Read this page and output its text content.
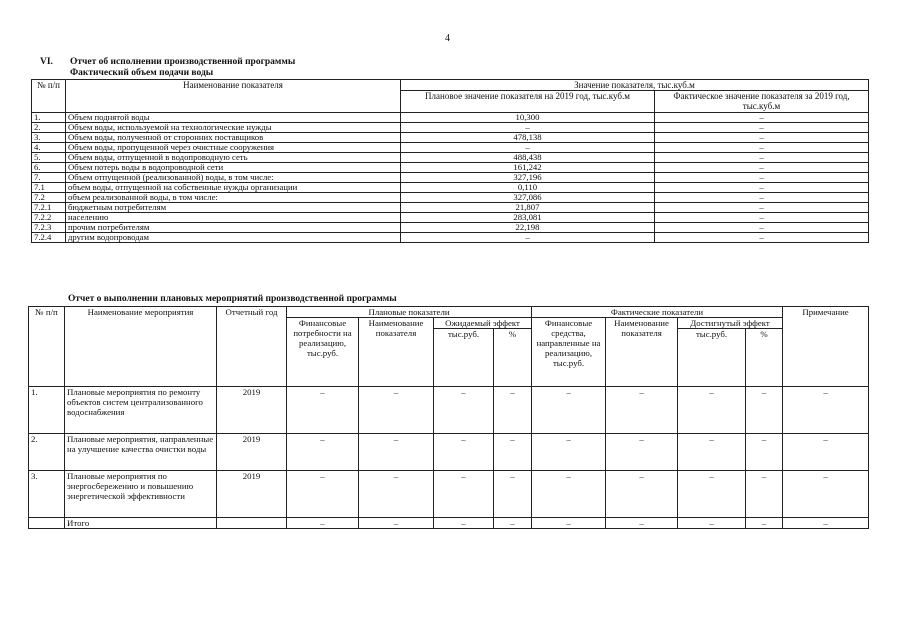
4
VI. Отчет об исполнении производственной программы
Фактический объем подачи воды
№ п/п	Наименование показателя	Значение показателя, тыс.куб.м	
		Плановое значение показателя на 2019 год, тыс.куб.м	Фактическое значение показателя за 2019 год, тыс.куб.м
1.	Объем поднятой воды	10,300	–
2.	Объем воды, используемой на технологические нужды	–	–
3.	Объем воды, полученной от сторонних поставщиков	478,138	–
4.	Объем воды, пропущенной через очистные сооружения	–	–
5.	Объем воды, отпущенной в водопроводную сеть	488,438	–
6.	Объем потерь воды в водопроводной сети	161,242	–
7.	Объем отпущенной (реализованной) воды, в том числе:	327,196	–
7.1	объем воды, отпущенной на собственные нужды организации	0,110	–
7.2	объем реализованной воды, в том числе:	327,086	–
7.2.1	бюджетным потребителям	21,807	–
7.2.2	населению	283,081	–
7.2.3	прочим потребителям	22,198	–
7.2.4	другим водопроводам	–	–
Отчет о выполнении плановых мероприятий производственной программы
№ п/п	Наименование мероприятия	Отчетный год	Плановые показатели				Фактические показатели				Примечание
			Финансовые потребности на реализацию, тыс.руб.	Наименование показателя	Ожидаемый эффект		Финансовые средства, направленные на реализацию, тыс.руб.	Наименование показателя	Достигнутый эффект		
					тыс.руб.	%			тыс.руб.	%	
1.	Плановые мероприятия по ремонту объектов систем централизованного водоснабжения	2019	–	–	–	–	–	–	–	–	–
2.	Плановые мероприятия, направленные на улучшение качества очистки воды	2019	–	–	–	–	–	–	–	–	–
3.	Плановые мероприятия по энергосбережению и повышению энергетической эффективности	2019	–	–	–	–	–	–	–	–	–
	Итого		–	–	–	–	–	–	–	–	–
